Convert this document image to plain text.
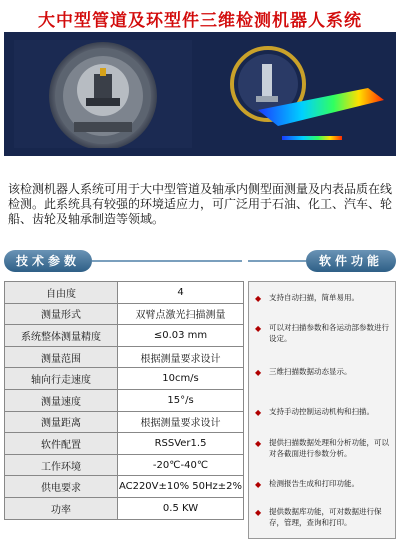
大中型管道及环型件三维检测机器人系统
该检测机器人系统可用于大中型管道及轴承内侧型面测量及内表品质在线检测。此系统具有较强的环境适应力，可广泛用于石油、化工、汽车、轮船、齿轮及轴承制造等领域。
技术参数	软件功能
自由度	4
测量形式	双臂点激光扫描测量
系统整体测量精度	≤0.03 mm
测量范围	根据测量要求设计
轴向行走速度	10cm/s
测量速度	15°/s
测量距离	根据测量要求设计
软件配置	RSSVer1.5
工作环境	-20℃-40℃
供电要求	AC220V±10% 50Hz±2%
功率	0.5 KW
◆	支持自动扫描，简单易用。
◆	可以对扫描参数和各运动部参数进行设定。
◆	三维扫描数据动态显示。
◆	支持手动控制运动机构和扫描。
◆	提供扫描数据处理和分析功能，可以对各截面进行参数分析。
◆	检测报告生成和打印功能。
◆	提供数据库功能，可对数据进行保存，管理，查询和打印。
